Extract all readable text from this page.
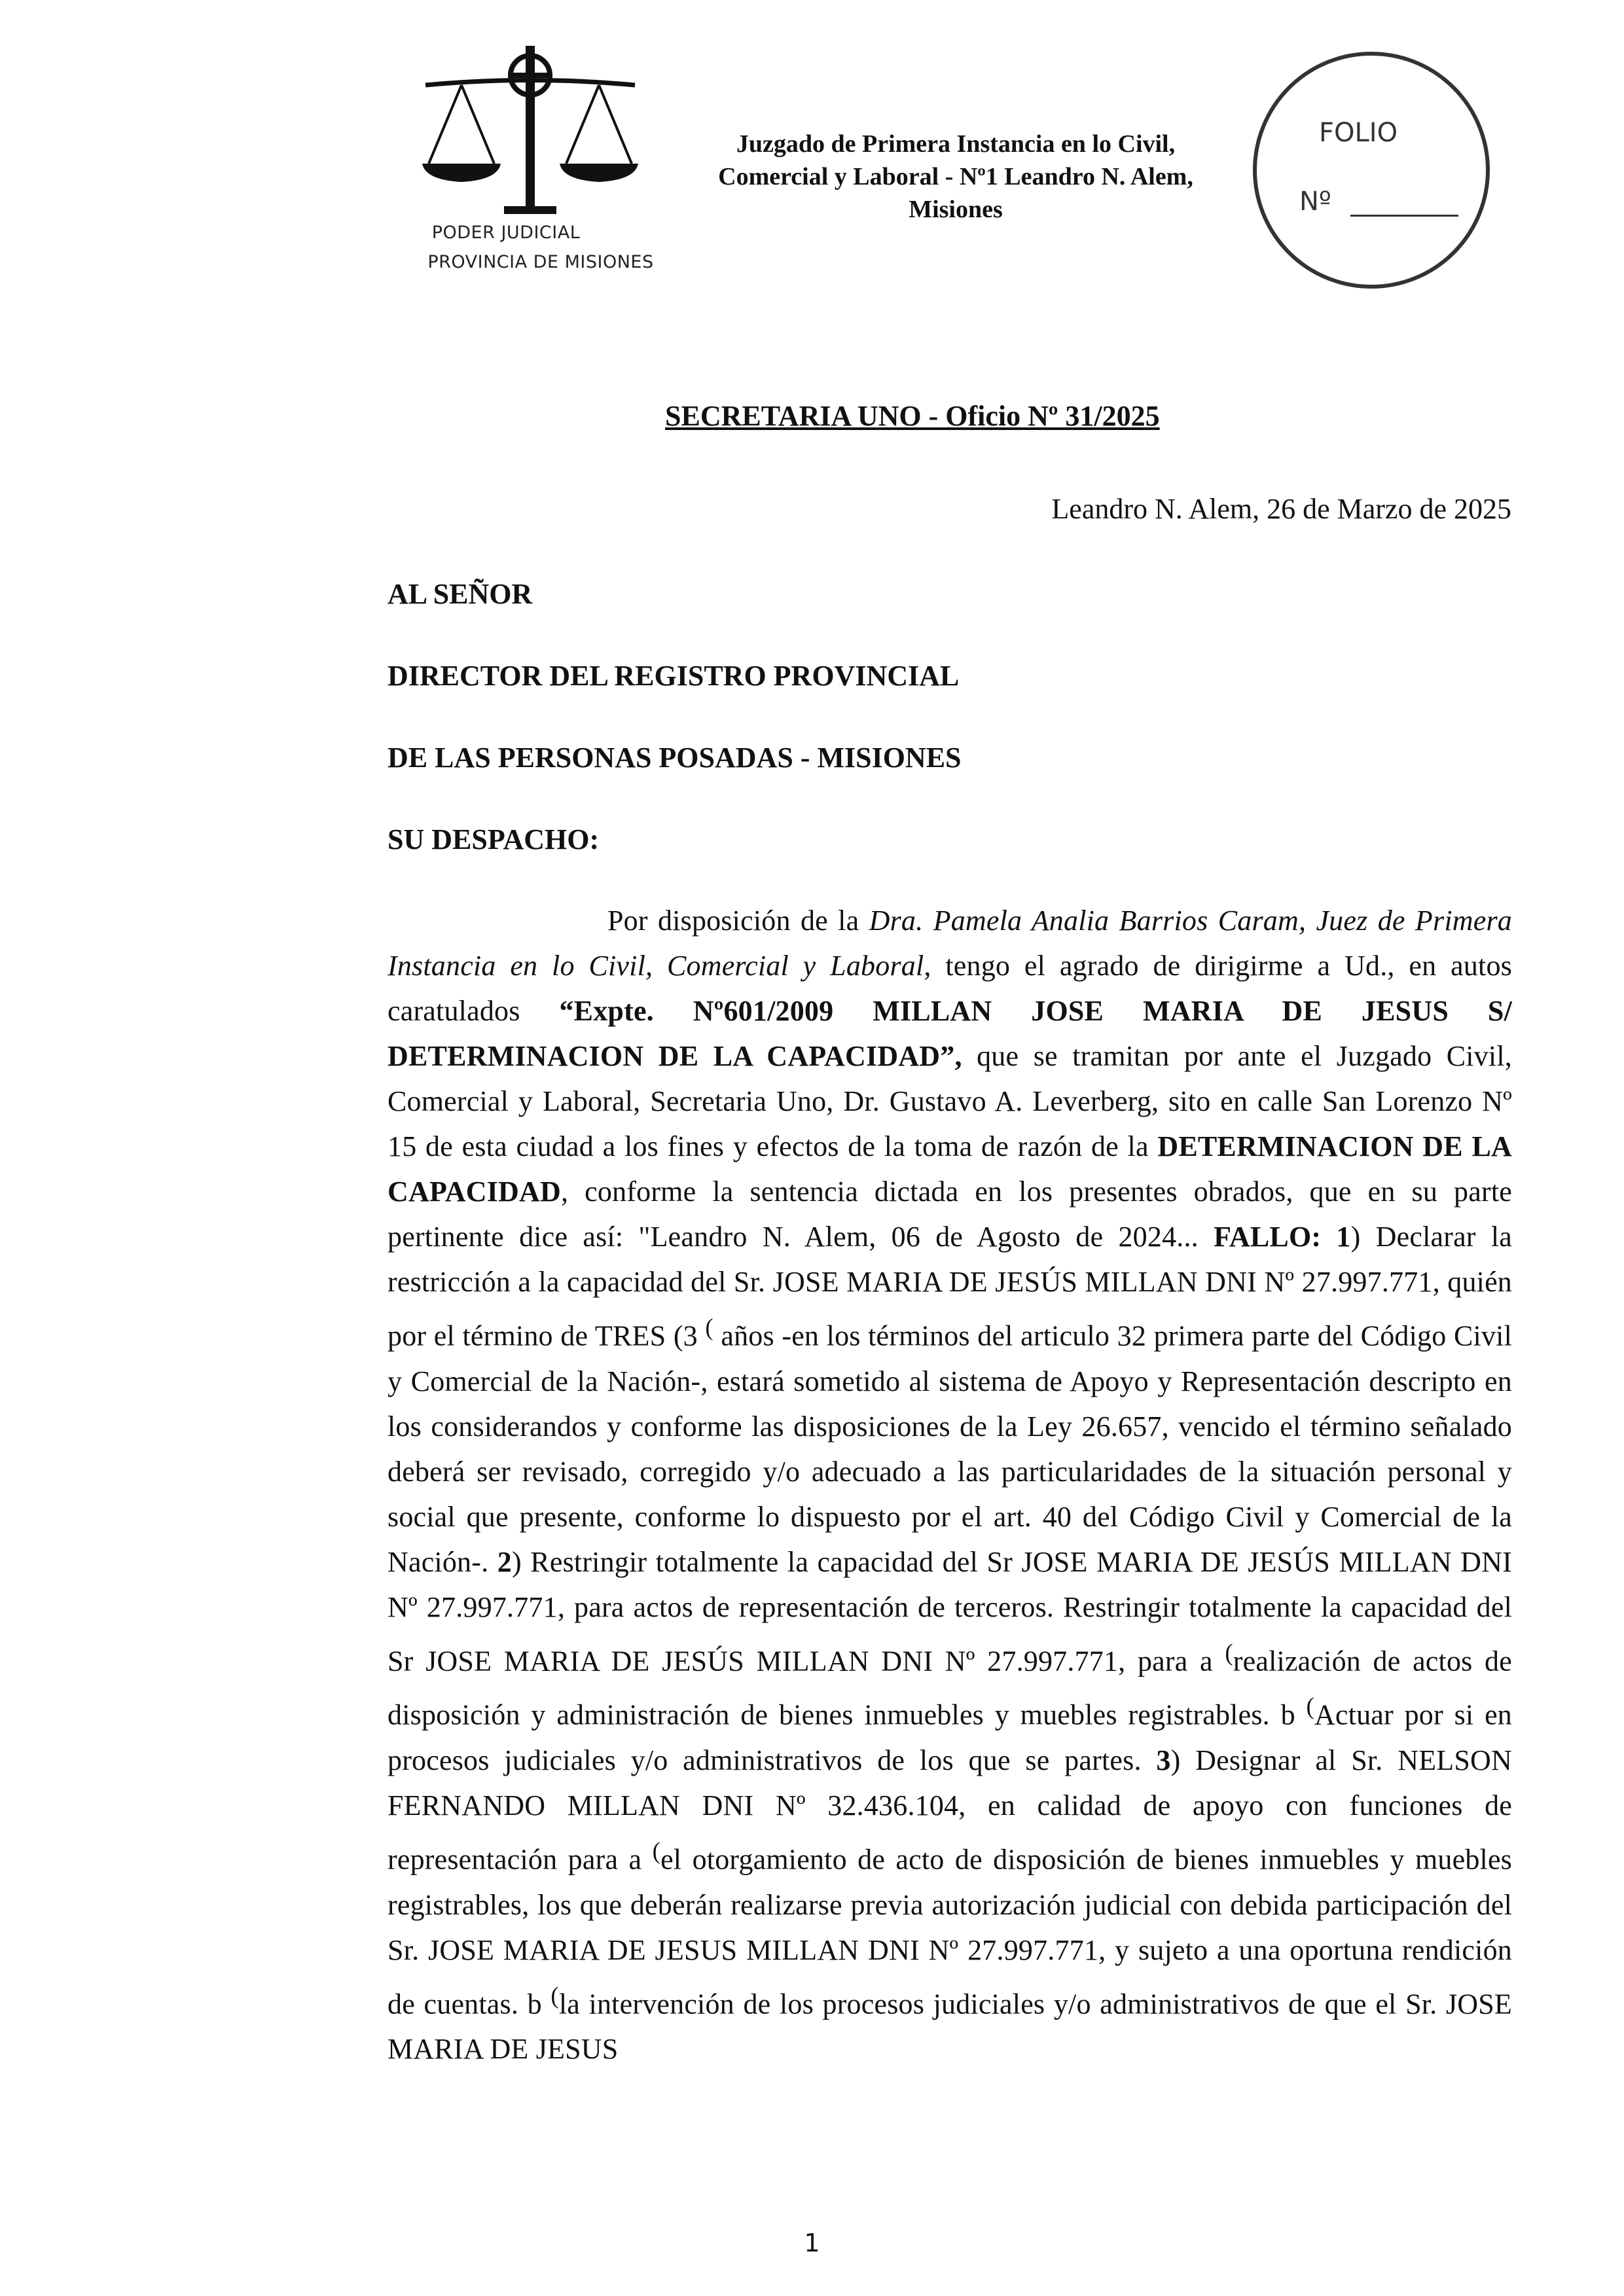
PODER JUDICIAL
PROVINCIA DE MISIONES
Juzgado de Primera Instancia en lo Civil,
Comercial y Laboral - Nº1 Leandro N. Alem,
Misiones
FOLIO
Nº
SECRETARIA UNO - Oficio Nº 31/2025
Leandro N. Alem, 26 de Marzo de 2025
AL SEÑOR
DIRECTOR DEL REGISTRO PROVINCIAL
DE LAS PERSONAS POSADAS - MISIONES
SU DESPACHO:
Por disposición de la Dra. Pamela Analia Barrios Caram, Juez de Primera Instancia en lo Civil, Comercial y Laboral, tengo el agrado de dirigirme a Ud., en autos caratulados “Expte. Nº601/2009 MILLAN JOSE MARIA DE JESUS S/ DETERMINACION DE LA CAPACIDAD”, que se tramitan por ante el Juzgado Civil, Comercial y Laboral, Secretaria Uno, Dr. Gustavo A. Leverberg, sito en calle San Lorenzo Nº 15 de esta ciudad a los fines y efectos de la toma de razón de la DETERMINACION DE LA CAPACIDAD, conforme la sentencia dictada en los presentes obrados, que en su parte pertinente dice así: "Leandro N. Alem, 06 de Agosto de 2024... FALLO: 1) Declarar la restricción a la capacidad del Sr. JOSE MARIA DE JESÚS MILLAN DNI Nº 27.997.771, quién por el término de TRES (3 ( años -en los términos del articulo 32 primera parte del Código Civil y Comercial de la Nación-, estará sometido al sistema de Apoyo y Representación descripto en los considerandos y conforme las disposiciones de la Ley 26.657, vencido el término señalado deberá ser revisado, corregido y/o adecuado a las particularidades de la situación personal y social que presente, conforme lo dispuesto por el art. 40 del Código Civil y Comercial de la Nación-. 2) Restringir totalmente la capacidad del Sr JOSE MARIA DE JESÚS MILLAN DNI Nº 27.997.771, para actos de representación de terceros. Restringir totalmente la capacidad del Sr JOSE MARIA DE JESÚS MILLAN DNI Nº 27.997.771, para a (realización de actos de disposición y administración de bienes inmuebles y muebles registrables. b (Actuar por si en procesos judiciales y/o administrativos de los que se partes. 3) Designar al Sr. NELSON FERNANDO MILLAN DNI Nº 32.436.104, en calidad de apoyo con funciones de representación para a (el otorgamiento de acto de disposición de bienes inmuebles y muebles registrables, los que deberán realizarse previa autorización judicial con debida participación del Sr. JOSE MARIA DE JESUS MILLAN DNI Nº 27.997.771, y sujeto a una oportuna rendición de cuentas. b (la intervención de los procesos judiciales y/o administrativos de que el Sr. JOSE MARIA DE JESUS
1
